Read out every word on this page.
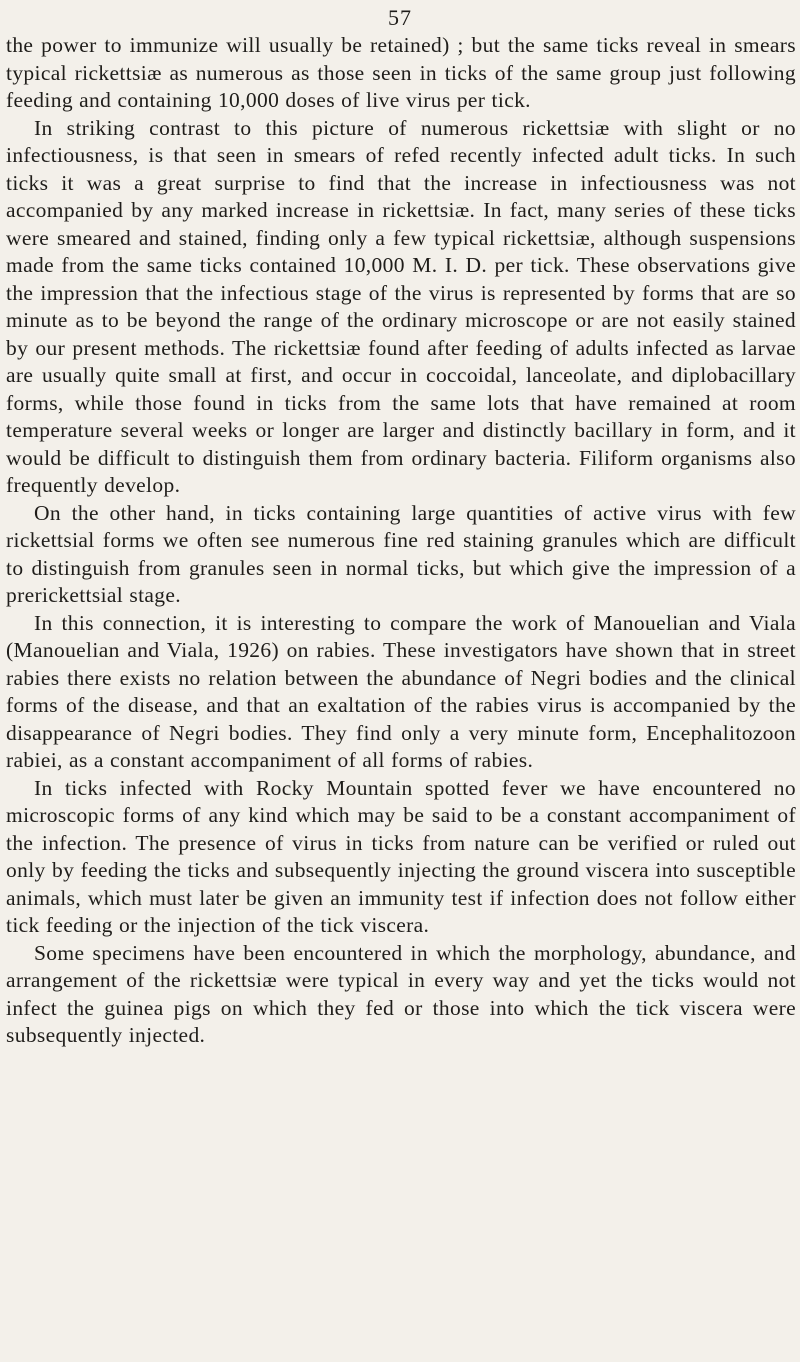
57

the power to immunize will usually be retained) ; but the same ticks reveal in smears typical rickettsiæ as numerous as those seen in ticks of the same group just following feeding and containing 10,000 doses of live virus per tick.

In striking contrast to this picture of numerous rickettsiæ with slight or no infectiousness, is that seen in smears of refed recently infected adult ticks. In such ticks it was a great surprise to find that the increase in infectiousness was not accompanied by any marked increase in rickettsiæ. In fact, many series of these ticks were smeared and stained, finding only a few typical rickettsiæ, although suspensions made from the same ticks contained 10,000 M. I. D. per tick. These observations give the impression that the infectious stage of the virus is represented by forms that are so minute as to be beyond the range of the ordinary microscope or are not easily stained by our present methods. The rickettsiæ found after feeding of adults infected as larvae are usually quite small at first, and occur in coccoidal, lanceolate, and diplobacillary forms, while those found in ticks from the same lots that have remained at room temperature several weeks or longer are larger and distinctly bacillary in form, and it would be difficult to distinguish them from ordinary bacteria. Filiform organisms also frequently develop.

On the other hand, in ticks containing large quantities of active virus with few rickettsial forms we often see numerous fine red staining granules which are difficult to distinguish from granules seen in normal ticks, but which give the impression of a prerickettsial stage.

In this connection, it is interesting to compare the work of Manouelian and Viala (Manouelian and Viala, 1926) on rabies. These investigators have shown that in street rabies there exists no relation between the abundance of Negri bodies and the clinical forms of the disease, and that an exaltation of the rabies virus is accompanied by the disappearance of Negri bodies. They find only a very minute form, Encephalitozoon rabiei, as a constant accompaniment of all forms of rabies.

In ticks infected with Rocky Mountain spotted fever we have encountered no microscopic forms of any kind which may be said to be a constant accompaniment of the infection. The presence of virus in ticks from nature can be verified or ruled out only by feeding the ticks and subsequently injecting the ground viscera into susceptible animals, which must later be given an immunity test if infection does not follow either tick feeding or the injection of the tick viscera.

Some specimens have been encountered in which the morphology, abundance, and arrangement of the rickettsiæ were typical in every way and yet the ticks would not infect the guinea pigs on which they fed or those into which the tick viscera were subsequently injected.
